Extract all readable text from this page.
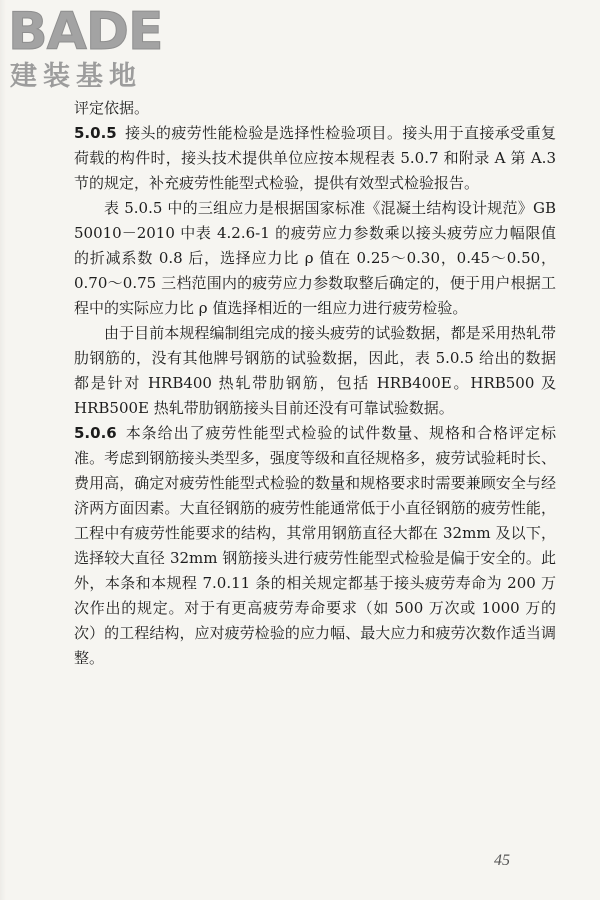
BADE
建装基地

评定依据。

5.0.5 接头的疲劳性能检验是选择性检验项目。接头用于直接承受重复荷载的构件时，接头技术提供单位应按本规程表 5.0.7 和附录 A 第 A.3 节的规定，补充疲劳性能型式检验，提供有效型式检验报告。

表 5.0.5 中的三组应力是根据国家标准《混凝土结构设计规范》GB 50010－2010 中表 4.2.6-1 的疲劳应力参数乘以接头疲劳应力幅限值的折减系数 0.8 后，选择应力比 ρ 值在 0.25～0.30，0.45～0.50，0.70～0.75 三档范围内的疲劳应力参数取整后确定的，便于用户根据工程中的实际应力比 ρ 值选择相近的一组应力进行疲劳检验。

由于目前本规程编制组完成的接头疲劳的试验数据，都是采用热轧带肋钢筋的，没有其他牌号钢筋的试验数据，因此，表 5.0.5 给出的数据都是针对 HRB400 热轧带肋钢筋，包括 HRB400E。HRB500 及 HRB500E 热轧带肋钢筋接头目前还没有可靠试验数据。

5.0.6 本条给出了疲劳性能型式检验的试件数量、规格和合格评定标准。考虑到钢筋接头类型多，强度等级和直径规格多，疲劳试验耗时长、费用高，确定对疲劳性能型式检验的数量和规格要求时需要兼顾安全与经济两方面因素。大直径钢筋的疲劳性能通常低于小直径钢筋的疲劳性能，工程中有疲劳性能要求的结构，其常用钢筋直径大都在 32mm 及以下，选择较大直径 32mm 钢筋接头进行疲劳性能型式检验是偏于安全的。此外，本条和本规程 7.0.11 条的相关规定都基于接头疲劳寿命为 200 万次作出的规定。对于有更高疲劳寿命要求（如 500 万次或 1000 万的次）的工程结构，应对疲劳检验的应力幅、最大应力和疲劳次数作适当调整。

45
